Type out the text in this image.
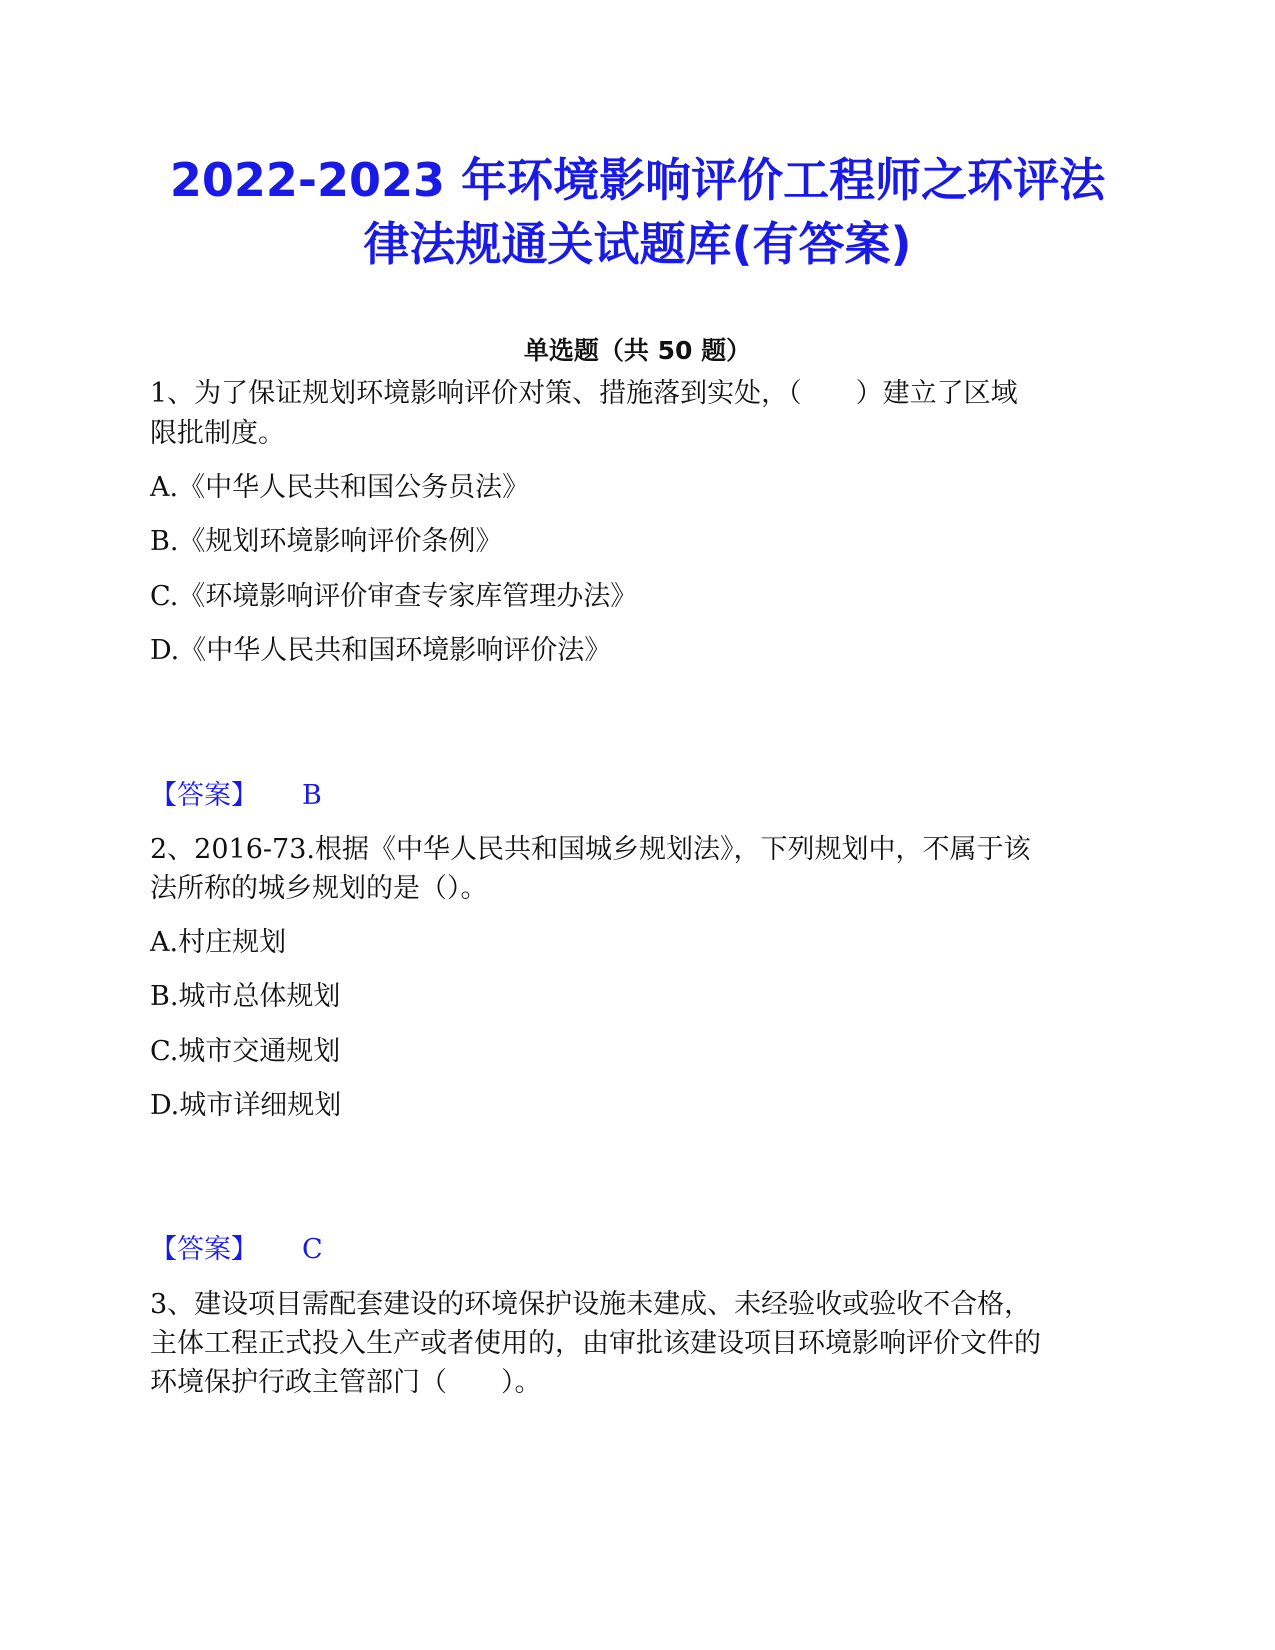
2022-2023 年环境影响评价工程师之环评法
律法规通关试题库(有答案)
单选题（共 50 题）

1、为了保证规划环境影响评价对策、措施落到实处，（　　）建立了区域

限批制度。

A.《中华人民共和国公务员法》

B.《规划环境影响评价条例》

C.《环境影响评价审查专家库管理办法》

D.《中华人民共和国环境影响评价法》

【答案】 B

2、2016-73.根据《中华人民共和国城乡规划法》，下列规划中，不属于该

法所称的城乡规划的是（）。

A.村庄规划

B.城市总体规划

C.城市交通规划

D.城市详细规划

【答案】 C

3、建设项目需配套建设的环境保护设施未建成、未经验收或验收不合格，

主体工程正式投入生产或者使用的，由审批该建设项目环境影响评价文件的

环境保护行政主管部门（　　）。
